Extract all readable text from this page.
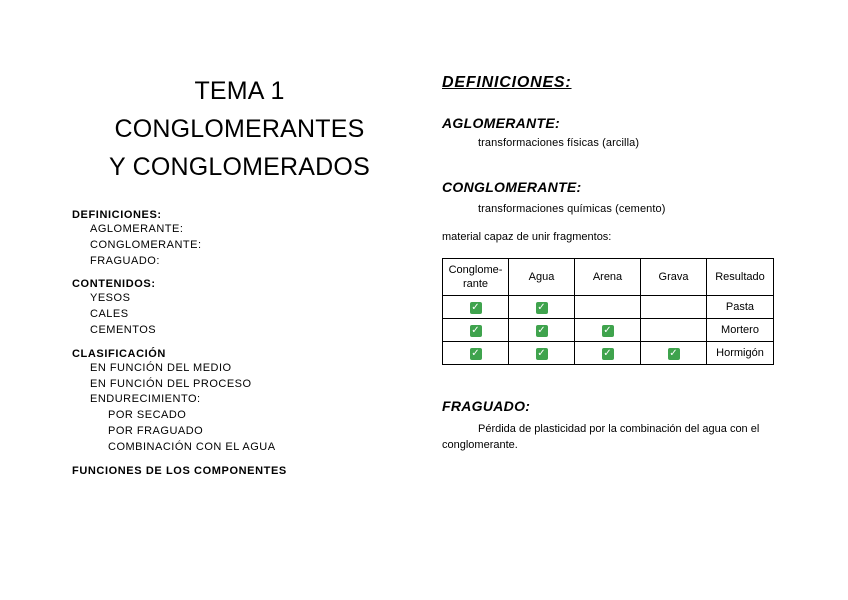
TEMA 1
CONGLOMERANTES
Y CONGLOMERADOS
DEFINICIONES:
AGLOMERANTE:
CONGLOMERANTE:
FRAGUADO:
CONTENIDOS:
YESOS
CALES
CEMENTOS
CLASIFICACIÓN
EN FUNCIÓN DEL MEDIO
EN FUNCIÓN DEL PROCESO
ENDURECIMIENTO:
POR SECADO
POR FRAGUADO
COMBINACIÓN CON EL AGUA
FUNCIONES DE LOS COMPONENTES
DEFINICIONES:
AGLOMERANTE:
transformaciones físicas (arcilla)
CONGLOMERANTE:
transformaciones químicas (cemento)
material capaz de unir fragmentos:
Conglome-
rante	Agua	Arena	Grava	Resultado
✓	✓			Pasta
✓	✓	✓		Mortero
✓	✓	✓	✓	Hormigón
FRAGUADO:
Pérdida de plasticidad por la combinación del agua con el conglomerante.
